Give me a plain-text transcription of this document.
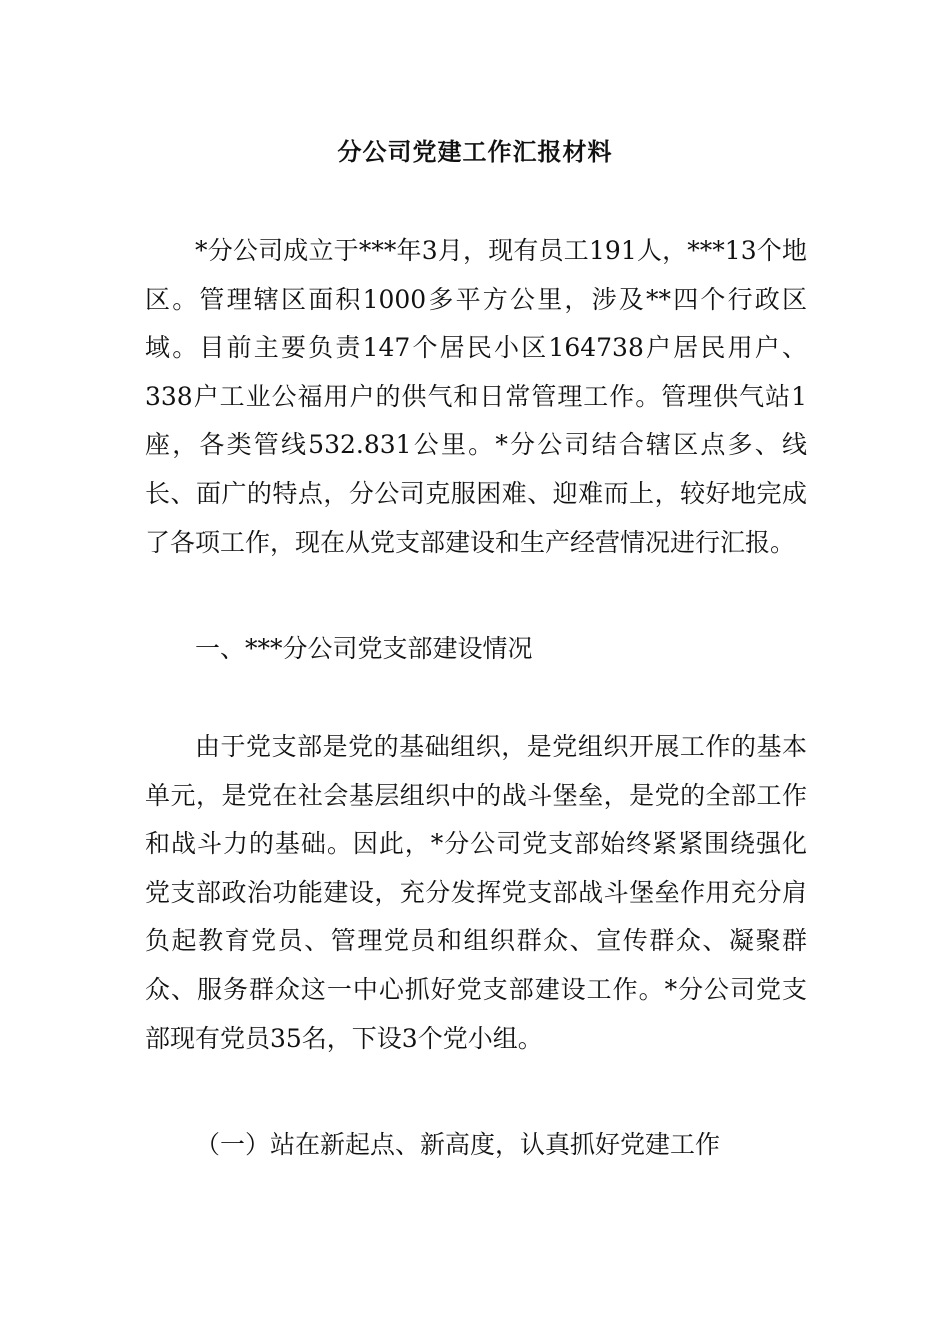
分公司党建工作汇报材料

*分公司成立于***年3月，现有员工191人，***13个地区。管理辖区面积1000多平方公里，涉及**四个行政区域。目前主要负责147个居民小区164738户居民用户、338户工业公福用户的供气和日常管理工作。管理供气站1座，各类管线532.831公里。*分公司结合辖区点多、线长、面广的特点，分公司克服困难、迎难而上，较好地完成了各项工作，现在从党支部建设和生产经营情况进行汇报。

一、***分公司党支部建设情况

由于党支部是党的基础组织，是党组织开展工作的基本单元，是党在社会基层组织中的战斗堡垒，是党的全部工作和战斗力的基础。因此，*分公司党支部始终紧紧围绕强化党支部政治功能建设，充分发挥党支部战斗堡垒作用充分肩负起教育党员、管理党员和组织群众、宣传群众、凝聚群众、服务群众这一中心抓好党支部建设工作。*分公司党支部现有党员35名，下设3个党小组。

（一）站在新起点、新高度，认真抓好党建工作
